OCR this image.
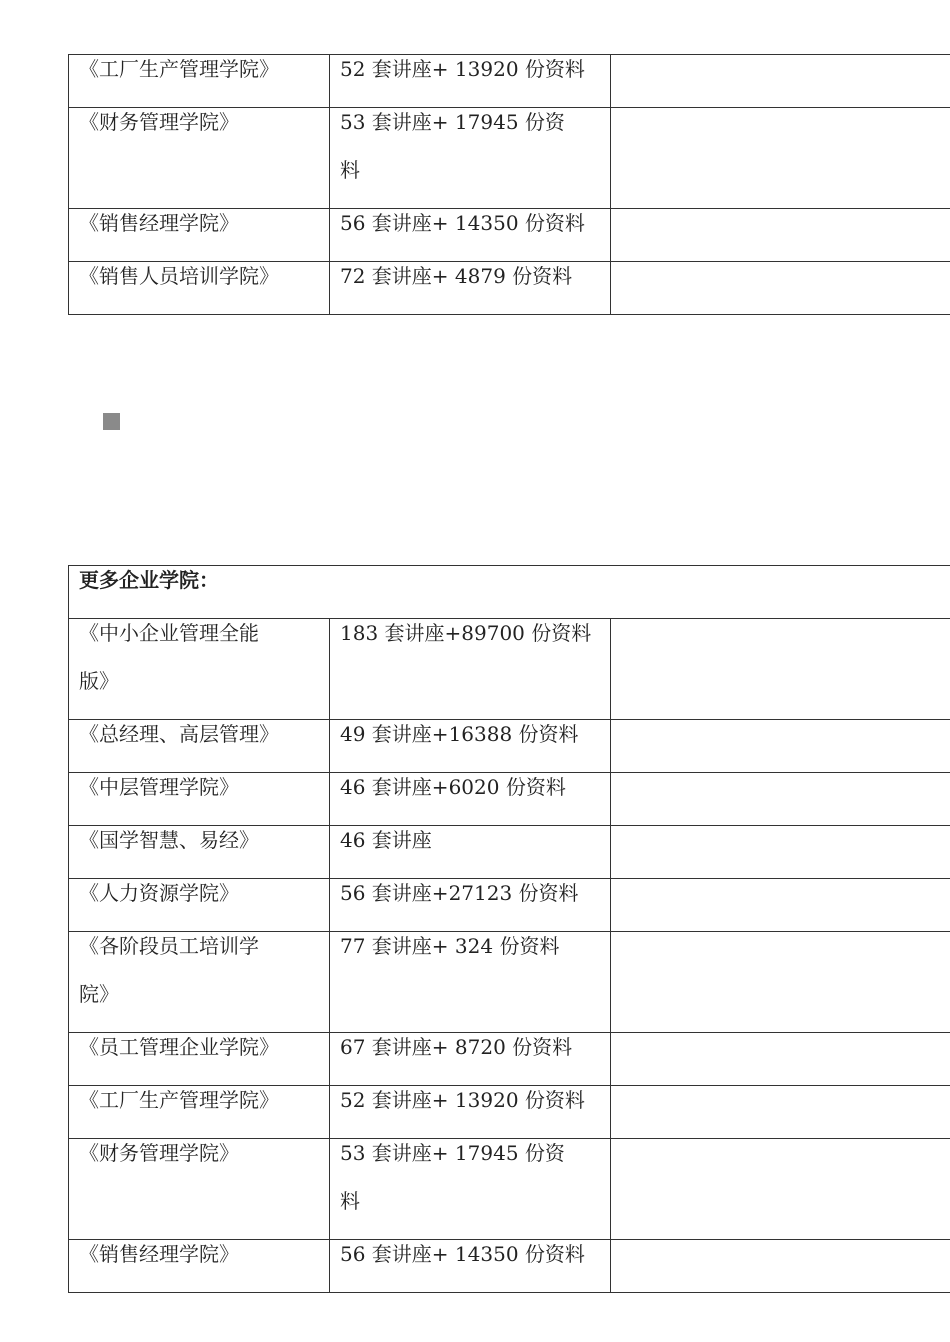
《工厂生产管理学院》	52 套讲座+ 13920 份资料	

《财务管理学院》	53 套讲座+ 17945 份资料	

《销售经理学院》	56 套讲座+ 14350 份资料	

《销售人员培训学院》	72 套讲座+ 4879 份资料	

更多企业学院：		

《中小企业管理全能版》	183 套讲座+89700 份资料	

《总经理、高层管理》	49 套讲座+16388 份资料	

《中层管理学院》	46 套讲座+6020 份资料	

《国学智慧、易经》	46 套讲座	

《人力资源学院》	56 套讲座+27123 份资料	

《各阶段员工培训学院》	77 套讲座+ 324 份资料	

《员工管理企业学院》	67 套讲座+ 8720 份资料	

《工厂生产管理学院》	52 套讲座+ 13920 份资料	

《财务管理学院》	53 套讲座+ 17945 份资料	

《销售经理学院》	56 套讲座+ 14350 份资料	
